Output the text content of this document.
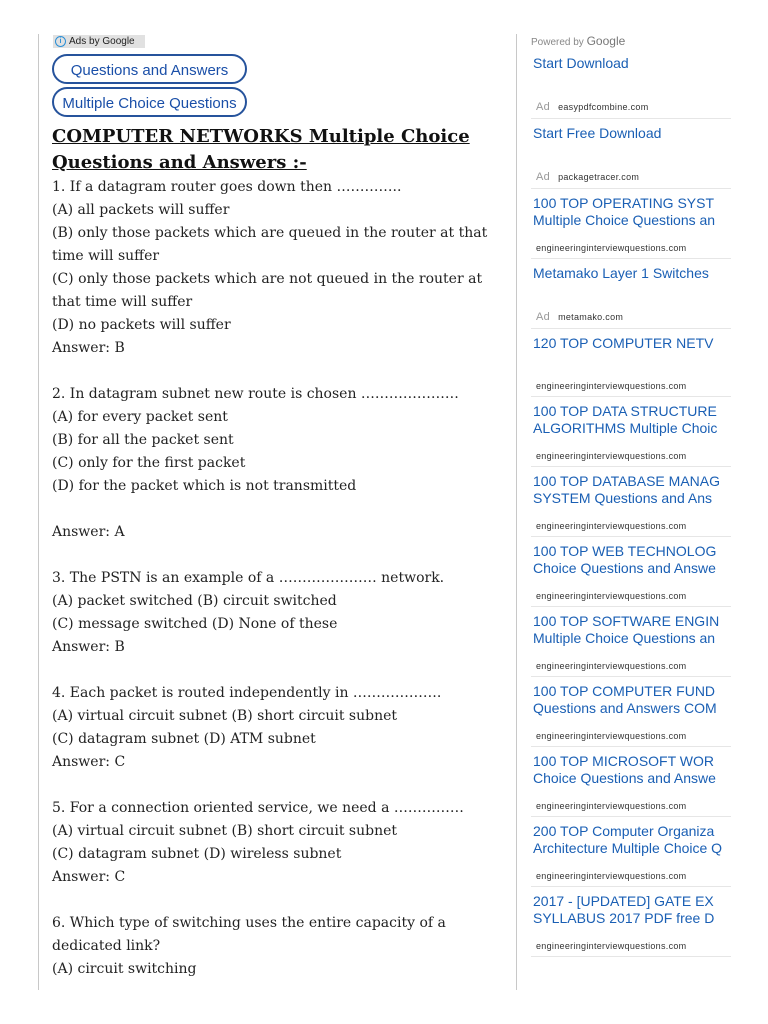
i Ads by Google
Questions and Answers
Multiple Choice Questions

COMPUTER NETWORKS Multiple Choice

Questions and Answers :-

1. If a datagram router goes down then …………..

(A) all packets will suffer

(B) only those packets which are queued in the router at that

time will suffer

(C) only those packets which are not queued in the router at

that time will suffer

(D) no packets will suffer

Answer: B

2. In datagram subnet new route is chosen …………………

(A) for every packet sent

(B) for all the packet sent

(C) only for the first packet

(D) for the packet which is not transmitted

Answer: A

3. The PSTN is an example of a ………………… network.

(A) packet switched (B) circuit switched

(C) message switched (D) None of these

Answer: B

4. Each packet is routed independently in ……………….

(A) virtual circuit subnet (B) short circuit subnet

(C) datagram subnet (D) ATM subnet

Answer: C

5. For a connection oriented service, we need a ……………

(A) virtual circuit subnet (B) short circuit subnet

(C) datagram subnet (D) wireless subnet

Answer: C

6. Which type of switching uses the entire capacity of a

dedicated link?

(A) circuit switching

Powered by Google
Start Download
Ad easypdfcombine.com
Start Free Download
Ad packagetracer.com
100 TOP OPERATING SYST
Multiple Choice Questions an
engineeringinterviewquestions.com
Metamako Layer 1 Switches
Ad metamako.com
120 TOP COMPUTER NETV
engineeringinterviewquestions.com
100 TOP DATA STRUCTURE
ALGORITHMS Multiple Choic
engineeringinterviewquestions.com
100 TOP DATABASE MANAG
SYSTEM Questions and Ans
engineeringinterviewquestions.com
100 TOP WEB TECHNOLOG
Choice Questions and Answe
engineeringinterviewquestions.com
100 TOP SOFTWARE ENGIN
Multiple Choice Questions an
engineeringinterviewquestions.com
100 TOP COMPUTER FUND
Questions and Answers COM
engineeringinterviewquestions.com
100 TOP MICROSOFT WOR
Choice Questions and Answe
engineeringinterviewquestions.com
200 TOP Computer Organiza
Architecture Multiple Choice Q
engineeringinterviewquestions.com
2017 - [UPDATED] GATE EX
SYLLABUS 2017 PDF free D
engineeringinterviewquestions.com
